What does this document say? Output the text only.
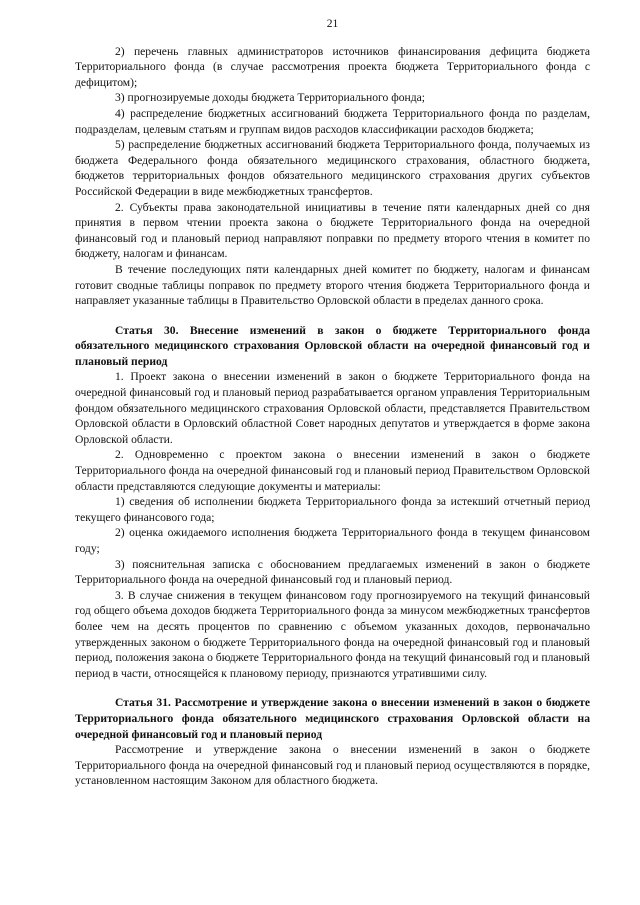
21

2) перечень главных администраторов источников финансирования дефицита бюджета Территориального фонда (в случае рассмотрения проекта бюджета Территориального фонда с дефицитом);

3) прогнозируемые доходы бюджета Территориального фонда;

4) распределение бюджетных ассигнований бюджета Территориального фонда по разделам, подразделам, целевым статьям и группам видов расходов классификации расходов бюджета;

5) распределение бюджетных ассигнований бюджета Территориального фонда, получаемых из бюджета Федерального фонда обязательного медицинского страхования, областного бюджета, бюджетов территориальных фондов обязательного медицинского страхования других субъектов Российской Федерации в виде межбюджетных трансфертов.

2. Субъекты права законодательной инициативы в течение пяти календарных дней со дня принятия в первом чтении проекта закона о бюджете Территориального фонда на очередной финансовый год и плановый период направляют поправки по предмету второго чтения в комитет по бюджету, налогам и финансам.

В течение последующих пяти календарных дней комитет по бюджету, налогам и финансам готовит сводные таблицы поправок по предмету второго чтения бюджета Территориального фонда и направляет указанные таблицы в Правительство Орловской области в пределах данного срока.

Статья 30. Внесение изменений в закон о бюджете Территориального фонда обязательного медицинского страхования Орловской области на очередной финансовый год и плановый период

1. Проект закона о внесении изменений в закон о бюджете Территориального фонда на очередной финансовый год и плановый период разрабатывается органом управления Территориальным фондом обязательного медицинского страхования Орловской области, представляется Правительством Орловской области в Орловский областной Совет народных депутатов и утверждается в форме закона Орловской области.

2. Одновременно с проектом закона о внесении изменений в закон о бюджете Территориального фонда на очередной финансовый год и плановый период Правительством Орловской области представляются следующие документы и материалы:

1) сведения об исполнении бюджета Территориального фонда за истекший отчетный период текущего финансового года;

2) оценка ожидаемого исполнения бюджета Территориального фонда в текущем финансовом году;

3) пояснительная записка с обоснованием предлагаемых изменений в закон о бюджете Территориального фонда на очередной финансовый год и плановый период.

3. В случае снижения в текущем финансовом году прогнозируемого на текущий финансовый год общего объема доходов бюджета Территориального фонда за минусом межбюджетных трансфертов более чем на десять процентов по сравнению с объемом указанных доходов, первоначально утвержденных законом о бюджете Территориального фонда на очередной финансовый год и плановый период, положения закона о бюджете Территориального фонда на текущий финансовый год и плановый период в части, относящейся к плановому периоду, признаются утратившими силу.

Статья 31. Рассмотрение и утверждение закона о внесении изменений в закон о бюджете Территориального фонда обязательного медицинского страхования Орловской области на очередной финансовый год и плановый период

Рассмотрение и утверждение закона о внесении изменений в закон о бюджете Территориального фонда на очередной финансовый год и плановый период осуществляются в порядке, установленном настоящим Законом для областного бюджета.
